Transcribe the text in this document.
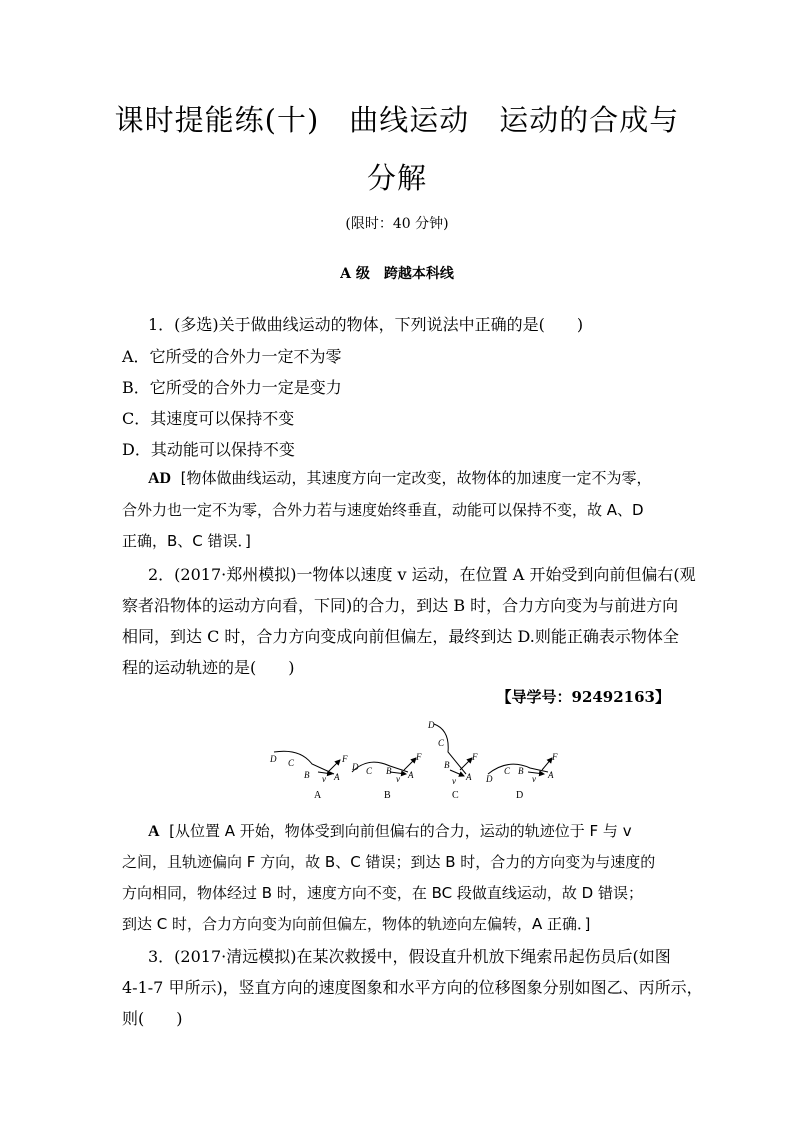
课时提能练(十)　曲线运动　运动的合成与
分解
(限时：40 分钟)
A 级　跨越本科线
1．(多选)关于做曲线运动的物体，下列说法中正确的是(　　)
A．它所受的合外力一定不为零
B．它所受的合外力一定是变力
C．其速度可以保持不变
D．其动能可以保持不变
AD [物体做曲线运动，其速度方向一定改变，故物体的加速度一定不为零，
合外力也一定不为零，合外力若与速度始终垂直，动能可以保持不变，故 A、D
正确，B、C 错误．]
2．(2017·郑州模拟)一物体以速度 v 运动，在位置 A 开始受到向前但偏右(观
察者沿物体的运动方向看，下同)的合力，到达 B 时，合力方向变为与前进方向
相同，到达 C 时，合力方向变成向前但偏左，最终到达 D.则能正确表示物体全
程的运动轨迹的是(　　)
【导学号：92492163】
D C
B	A
F
v
D C B A
F
v
D
C
B
A
F
v	D
C B	A
F
v
A	B	C	D
A [从位置 A 开始，物体受到向前但偏右的合力，运动的轨迹位于 F 与 v
之间，且轨迹偏向 F 方向，故 B、C 错误；到达 B 时，合力的方向变为与速度的
方向相同，物体经过 B 时，速度方向不变，在 BC 段做直线运动，故 D 错误；
到达 C 时，合力方向变为向前但偏左，物体的轨迹向左偏转，A 正确．]
3．(2017·清远模拟)在某次救援中，假设直升机放下绳索吊起伤员后(如图
4-1-7 甲所示)，竖直方向的速度图象和水平方向的位移图象分别如图乙、丙所示，
则(　　)
